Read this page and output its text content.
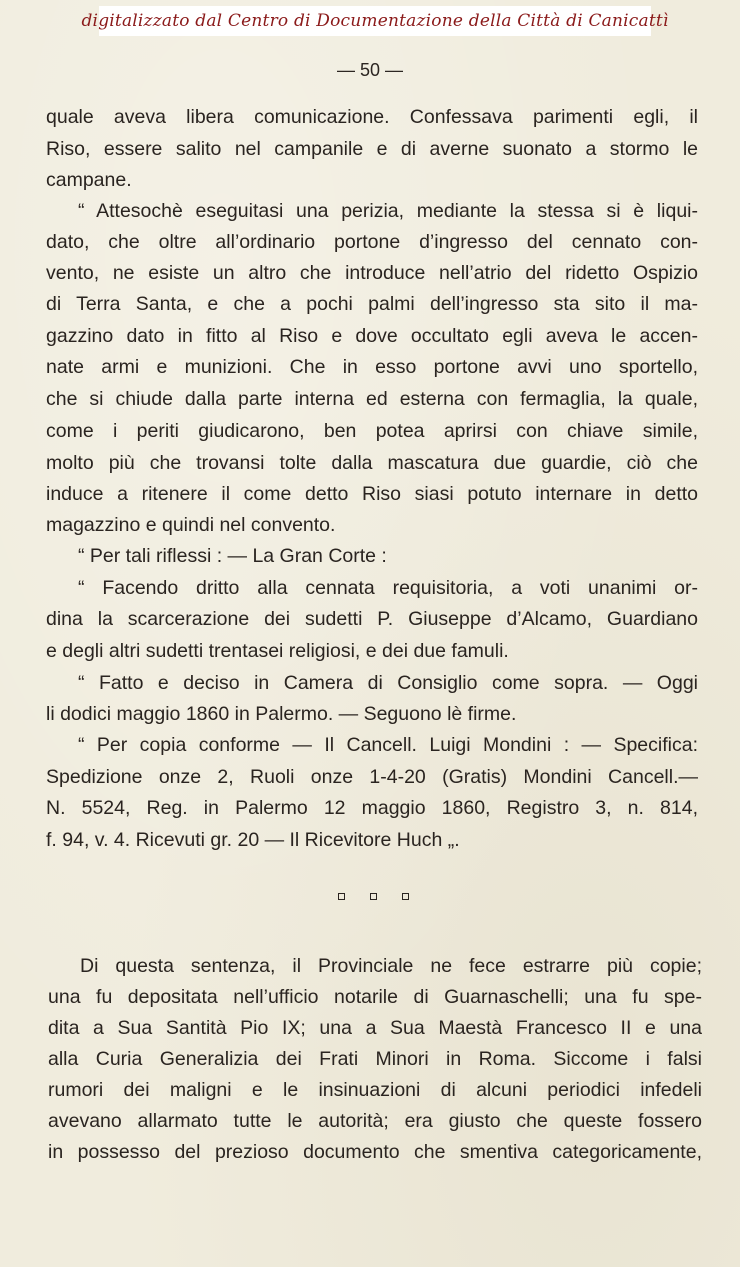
digitalizzato dal Centro di Documentazione della Città di Canicattì
— 50 —
quale aveva libera comunicazione. Confessava parimenti egli, il
Riso, essere salito nel campanile e di averne suonato a stormo le
campane.
“ Attesochè eseguitasi una perizia, mediante la stessa si è liqui-
dato, che oltre all’ordinario portone d’ingresso del cennato con-
vento, ne esiste un altro che introduce nell’atrio del ridetto Ospizio
di Terra Santa, e che a pochi palmi dell’ingresso sta sito il ma-
gazzino dato in fitto al Riso e dove occultato egli aveva le accen-
nate armi e munizioni. Che in esso portone avvi uno sportello,
che si chiude dalla parte interna ed esterna con fermaglia, la quale,
come i periti giudicarono, ben potea aprirsi con chiave simile,
molto più che trovansi tolte dalla mascatura due guardie, ciò che
induce a ritenere il come detto Riso siasi potuto internare in detto
magazzino e quindi nel convento.
“ Per tali riflessi : — La Gran Corte :
“ Facendo dritto alla cennata requisitoria, a voti unanimi or-
dina la scarcerazione dei sudetti P. Giuseppe d’Alcamo, Guardiano
e degli altri sudetti trentasei religiosi, e dei due famuli.
“ Fatto e deciso in Camera di Consiglio come sopra. — Oggi
li dodici maggio 1860 in Palermo. — Seguono lè firme.
“ Per copia conforme — Il Cancell. Luigi Mondini : — Specifica:
Spedizione onze 2, Ruoli onze 1-4-20 (Gratis) Mondini Cancell.—
N. 5524, Reg. in Palermo 12 maggio 1860, Registro 3, n. 814,
f. 94, v. 4. Ricevuti gr. 20 — Il Ricevitore Huch „.
Di questa sentenza, il Provinciale ne fece estrarre più copie;
una fu depositata nell’ufficio notarile di Guarnaschelli; una fu spe-
dita a Sua Santità Pio IX; una a Sua Maestà Francesco II e una
alla Curia Generalizia dei Frati Minori in Roma. Siccome i falsi
rumori dei maligni e le insinuazioni di alcuni periodici infedeli
avevano allarmato tutte le autorità; era giusto che queste fossero
in possesso del prezioso documento che smentiva categoricamente,
